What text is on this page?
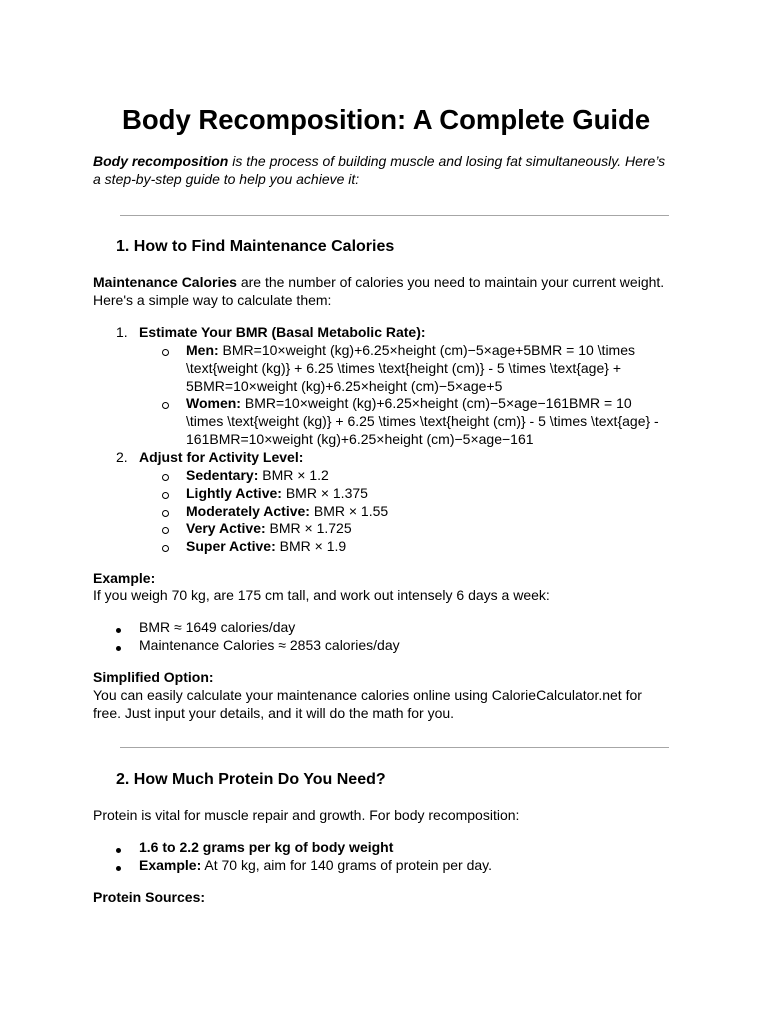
Body Recomposition: A Complete Guide

Body recomposition is the process of building muscle and losing fat simultaneously. Here’s

a step-by-step guide to help you achieve it:

1. How to Find Maintenance Calories

Maintenance Calories are the number of calories you need to maintain your current weight.

Here's a simple way to calculate them:

1. Estimate Your BMR (Basal Metabolic Rate):
Men: BMR=10×weight (kg)+6.25×height (cm)−5×age+5BMR = 10 \times
\text{weight (kg)} + 6.25 \times \text{height (cm)} - 5 \times \text{age} +
5BMR=10×weight (kg)+6.25×height (cm)−5×age+5
Women: BMR=10×weight (kg)+6.25×height (cm)−5×age−161BMR = 10
\times \text{weight (kg)} + 6.25 \times \text{height (cm)} - 5 \times \text{age} -
161BMR=10×weight (kg)+6.25×height (cm)−5×age−161
2. Adjust for Activity Level:
Sedentary: BMR × 1.2
Lightly Active: BMR × 1.375
Moderately Active: BMR × 1.55
Very Active: BMR × 1.725
Super Active: BMR × 1.9
Example:
If you weigh 70 kg, are 175 cm tall, and work out intensely 6 days a week:
BMR ≈ 1649 calories/day
Maintenance Calories ≈ 2853 calories/day
Simplified Option:
You can easily calculate your maintenance calories online using CalorieCalculator.net for
free. Just input your details, and it will do the math for you.
2. How Much Protein Do You Need?
Protein is vital for muscle repair and growth. For body recomposition:
1.6 to 2.2 grams per kg of body weight
Example: At 70 kg, aim for 140 grams of protein per day.
Protein Sources:
